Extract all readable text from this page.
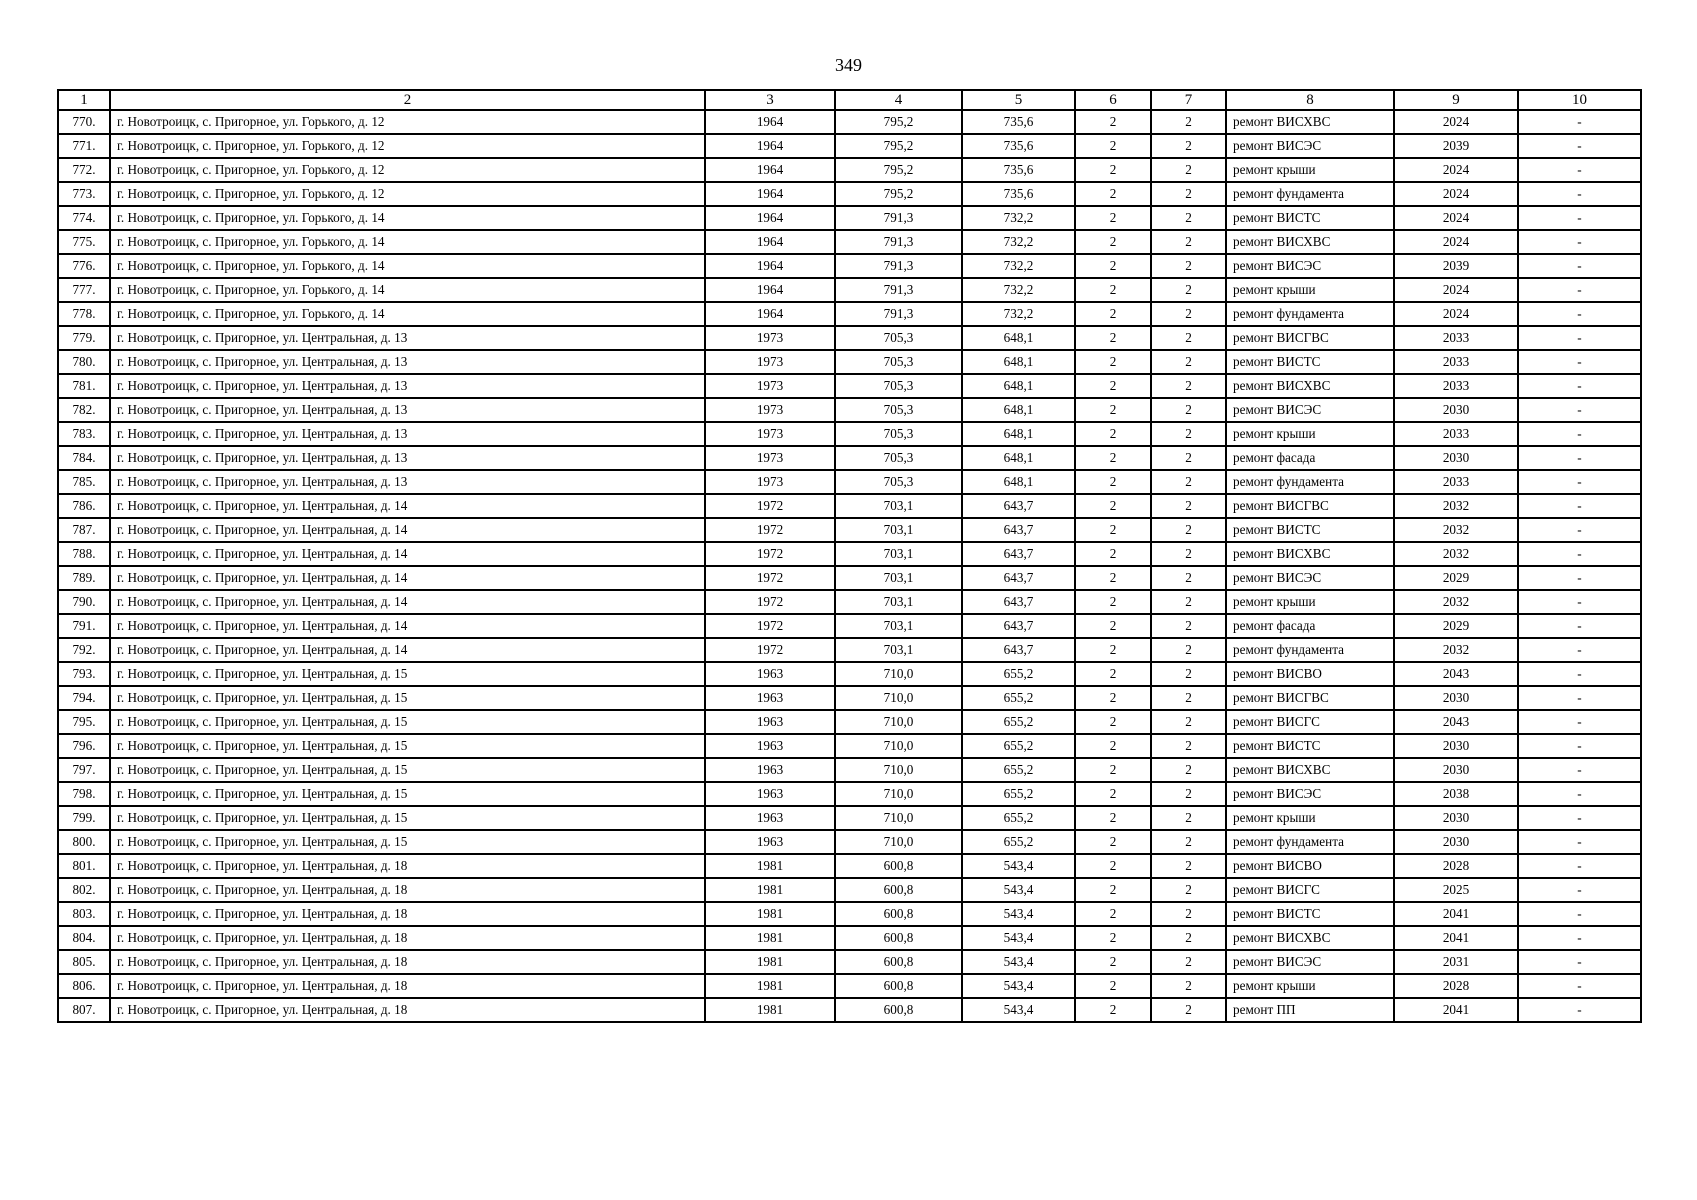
349
1	2	3	4	5	6	7	8	9	10
770.	г. Новотроицк, с. Пригорное, ул. Горького, д. 12	1964	795,2	735,6	2	2	ремонт ВИСХВС	2024	-
771.	г. Новотроицк, с. Пригорное, ул. Горького, д. 12	1964	795,2	735,6	2	2	ремонт ВИСЭС	2039	-
772.	г. Новотроицк, с. Пригорное, ул. Горького, д. 12	1964	795,2	735,6	2	2	ремонт крыши	2024	-
773.	г. Новотроицк, с. Пригорное, ул. Горького, д. 12	1964	795,2	735,6	2	2	ремонт фундамента	2024	-
774.	г. Новотроицк, с. Пригорное, ул. Горького, д. 14	1964	791,3	732,2	2	2	ремонт ВИСТС	2024	-
775.	г. Новотроицк, с. Пригорное, ул. Горького, д. 14	1964	791,3	732,2	2	2	ремонт ВИСХВС	2024	-
776.	г. Новотроицк, с. Пригорное, ул. Горького, д. 14	1964	791,3	732,2	2	2	ремонт ВИСЭС	2039	-
777.	г. Новотроицк, с. Пригорное, ул. Горького, д. 14	1964	791,3	732,2	2	2	ремонт крыши	2024	-
778.	г. Новотроицк, с. Пригорное, ул. Горького, д. 14	1964	791,3	732,2	2	2	ремонт фундамента	2024	-
779.	г. Новотроицк, с. Пригорное, ул. Центральная, д. 13	1973	705,3	648,1	2	2	ремонт ВИСГВС	2033	-
780.	г. Новотроицк, с. Пригорное, ул. Центральная, д. 13	1973	705,3	648,1	2	2	ремонт ВИСТС	2033	-
781.	г. Новотроицк, с. Пригорное, ул. Центральная, д. 13	1973	705,3	648,1	2	2	ремонт ВИСХВС	2033	-
782.	г. Новотроицк, с. Пригорное, ул. Центральная, д. 13	1973	705,3	648,1	2	2	ремонт ВИСЭС	2030	-
783.	г. Новотроицк, с. Пригорное, ул. Центральная, д. 13	1973	705,3	648,1	2	2	ремонт крыши	2033	-
784.	г. Новотроицк, с. Пригорное, ул. Центральная, д. 13	1973	705,3	648,1	2	2	ремонт фасада	2030	-
785.	г. Новотроицк, с. Пригорное, ул. Центральная, д. 13	1973	705,3	648,1	2	2	ремонт фундамента	2033	-
786.	г. Новотроицк, с. Пригорное, ул. Центральная, д. 14	1972	703,1	643,7	2	2	ремонт ВИСГВС	2032	-
787.	г. Новотроицк, с. Пригорное, ул. Центральная, д. 14	1972	703,1	643,7	2	2	ремонт ВИСТС	2032	-
788.	г. Новотроицк, с. Пригорное, ул. Центральная, д. 14	1972	703,1	643,7	2	2	ремонт ВИСХВС	2032	-
789.	г. Новотроицк, с. Пригорное, ул. Центральная, д. 14	1972	703,1	643,7	2	2	ремонт ВИСЭС	2029	-
790.	г. Новотроицк, с. Пригорное, ул. Центральная, д. 14	1972	703,1	643,7	2	2	ремонт крыши	2032	-
791.	г. Новотроицк, с. Пригорное, ул. Центральная, д. 14	1972	703,1	643,7	2	2	ремонт фасада	2029	-
792.	г. Новотроицк, с. Пригорное, ул. Центральная, д. 14	1972	703,1	643,7	2	2	ремонт фундамента	2032	-
793.	г. Новотроицк, с. Пригорное, ул. Центральная, д. 15	1963	710,0	655,2	2	2	ремонт ВИСВО	2043	-
794.	г. Новотроицк, с. Пригорное, ул. Центральная, д. 15	1963	710,0	655,2	2	2	ремонт ВИСГВС	2030	-
795.	г. Новотроицк, с. Пригорное, ул. Центральная, д. 15	1963	710,0	655,2	2	2	ремонт ВИСГС	2043	-
796.	г. Новотроицк, с. Пригорное, ул. Центральная, д. 15	1963	710,0	655,2	2	2	ремонт ВИСТС	2030	-
797.	г. Новотроицк, с. Пригорное, ул. Центральная, д. 15	1963	710,0	655,2	2	2	ремонт ВИСХВС	2030	-
798.	г. Новотроицк, с. Пригорное, ул. Центральная, д. 15	1963	710,0	655,2	2	2	ремонт ВИСЭС	2038	-
799.	г. Новотроицк, с. Пригорное, ул. Центральная, д. 15	1963	710,0	655,2	2	2	ремонт крыши	2030	-
800.	г. Новотроицк, с. Пригорное, ул. Центральная, д. 15	1963	710,0	655,2	2	2	ремонт фундамента	2030	-
801.	г. Новотроицк, с. Пригорное, ул. Центральная, д. 18	1981	600,8	543,4	2	2	ремонт ВИСВО	2028	-
802.	г. Новотроицк, с. Пригорное, ул. Центральная, д. 18	1981	600,8	543,4	2	2	ремонт ВИСГС	2025	-
803.	г. Новотроицк, с. Пригорное, ул. Центральная, д. 18	1981	600,8	543,4	2	2	ремонт ВИСТС	2041	-
804.	г. Новотроицк, с. Пригорное, ул. Центральная, д. 18	1981	600,8	543,4	2	2	ремонт ВИСХВС	2041	-
805.	г. Новотроицк, с. Пригорное, ул. Центральная, д. 18	1981	600,8	543,4	2	2	ремонт ВИСЭС	2031	-
806.	г. Новотроицк, с. Пригорное, ул. Центральная, д. 18	1981	600,8	543,4	2	2	ремонт крыши	2028	-
807.	г. Новотроицк, с. Пригорное, ул. Центральная, д. 18	1981	600,8	543,4	2	2	ремонт ПП	2041	-
